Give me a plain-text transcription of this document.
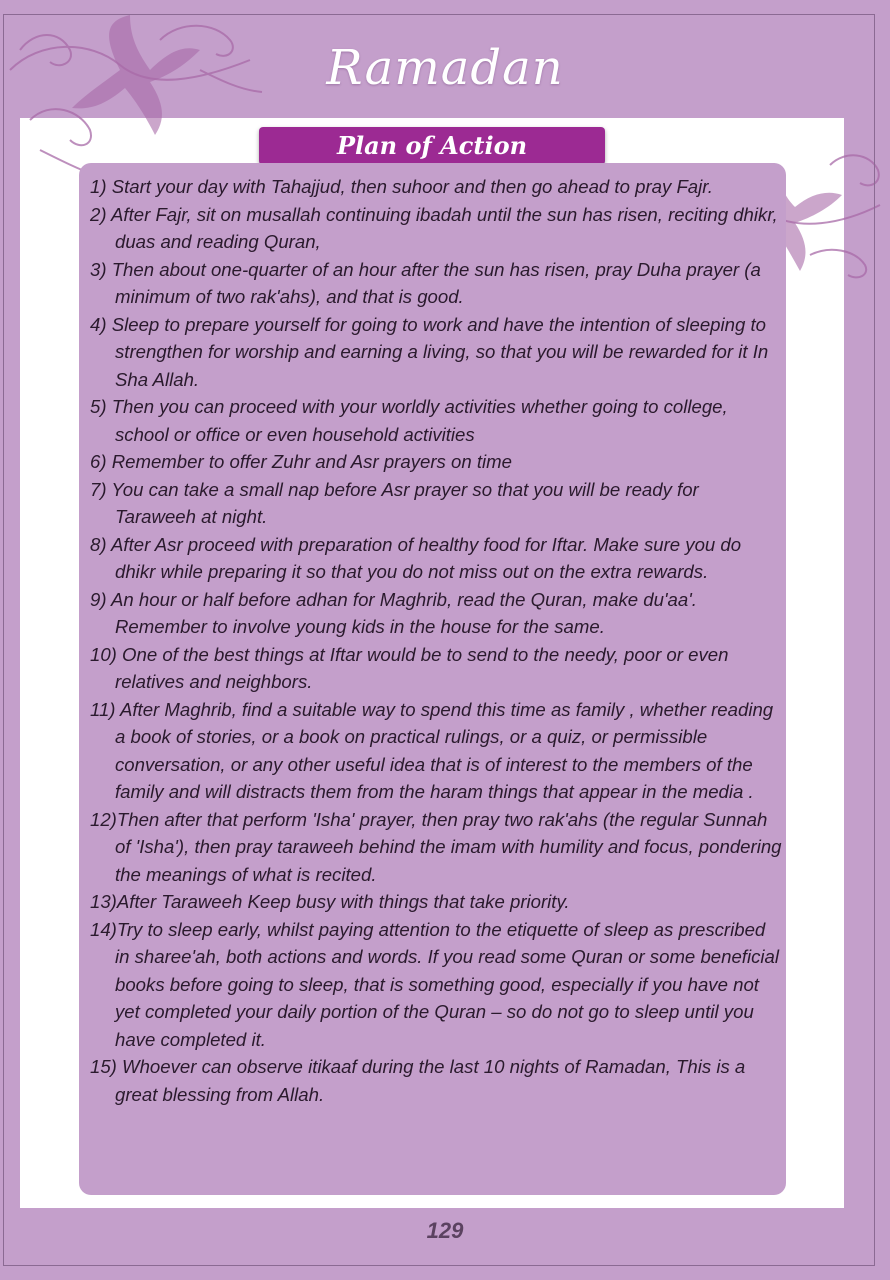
Ramadan
Plan of Action
1) Start your day with Tahajjud, then suhoor and then go ahead to pray Fajr.
2) After Fajr, sit on musallah continuing ibadah until the sun has risen, reciting dhikr, duas and reading Quran,
3) Then about one-quarter of an hour after the sun has risen, pray Duha prayer (a minimum of two rak'ahs), and that is good.
4) Sleep to prepare yourself for going to work and have the intention of sleeping to strengthen for worship and earning a living, so that you will be rewarded for it In Sha Allah.
5) Then you can proceed with your worldly activities whether going to college, school or office or even household activities
6) Remember to offer Zuhr and Asr prayers on time
7) You can take a small nap before Asr prayer so that you will be ready for Taraweeh at night.
8) After Asr proceed with preparation of healthy food for Iftar. Make sure you do dhikr while preparing it so that you do not miss out on the extra rewards.
9) An hour or half before adhan for Maghrib, read the Quran, make du'aa'. Remember to involve young kids in the house for the same.
10) One of the best things at Iftar would be to send to the needy, poor or even relatives and neighbors.
11) After Maghrib, find a suitable way to spend this time as family , whether reading a book of stories, or a book on practical rulings, or a quiz, or permissible conversation, or any other useful idea that is of interest to the members of the family and will distracts them from the haram things that appear in the media .
12)Then after that perform 'Isha' prayer, then pray two rak'ahs (the regular Sunnah of 'Isha'), then pray taraweeh behind the imam with humility and focus, pondering the meanings of what is recited.
13)After Taraweeh Keep busy with things that take priority.
14)Try to sleep early, whilst paying attention to the etiquette of sleep as prescribed in sharee'ah, both actions and words. If you read some Quran or some beneficial books before going to sleep, that is something good, especially if you have not yet completed your daily portion of the Quran – so do not go to sleep until you have completed it.
15) Whoever can observe itikaaf during the last 10 nights of Ramadan, This is a great blessing from Allah.
129
